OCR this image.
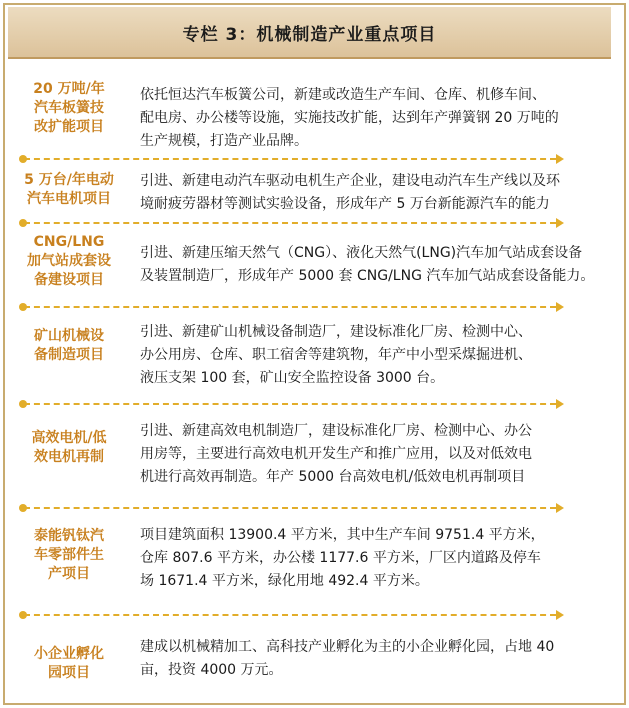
专栏 3：机械制造产业重点项目
20 万吨/年
汽车板簧技
改扩能项目
依托恒达汽车板簧公司，新建或改造生产车间、仓库、机修车间、
配电房、办公楼等设施，实施技改扩能，达到年产弹簧钢 20 万吨的
生产规模，打造产业品牌。
5 万台/年电动
汽车电机项目
引进、新建电动汽车驱动电机生产企业，建设电动汽车生产线以及环
境耐疲劳器材等测试实验设备，形成年产 5 万台新能源汽车的能力
CNG/LNG
加气站成套设
备建设项目
引进、新建压缩天然气（CNG）、液化天然气(LNG)汽车加气站成套设备
及装置制造厂，形成年产 5000 套 CNG/LNG 汽车加气站成套设备能力。
矿山机械设
备制造项目
引进、新建矿山机械设备制造厂，建设标准化厂房、检测中心、
办公用房、仓库、职工宿舍等建筑物，年产中小型采煤掘进机、
液压支架 100 套，矿山安全监控设备 3000 台。
高效电机/低
效电机再制
引进、新建高效电机制造厂，建设标准化厂房、检测中心、办公
用房等，主要进行高效电机开发生产和推广应用，以及对低效电
机进行高效再制造。年产 5000 台高效电机/低效电机再制项目
泰能钒钛汽
车零部件生
产项目
项目建筑面积 13900.4 平方米，其中生产车间 9751.4 平方米，
仓库 807.6 平方米，办公楼 1177.6 平方米，厂区内道路及停车
场 1671.4 平方米，绿化用地 492.4 平方米。
小企业孵化
园项目
建成以机械精加工、高科技产业孵化为主的小企业孵化园，占地 40
亩，投资 4000 万元。
